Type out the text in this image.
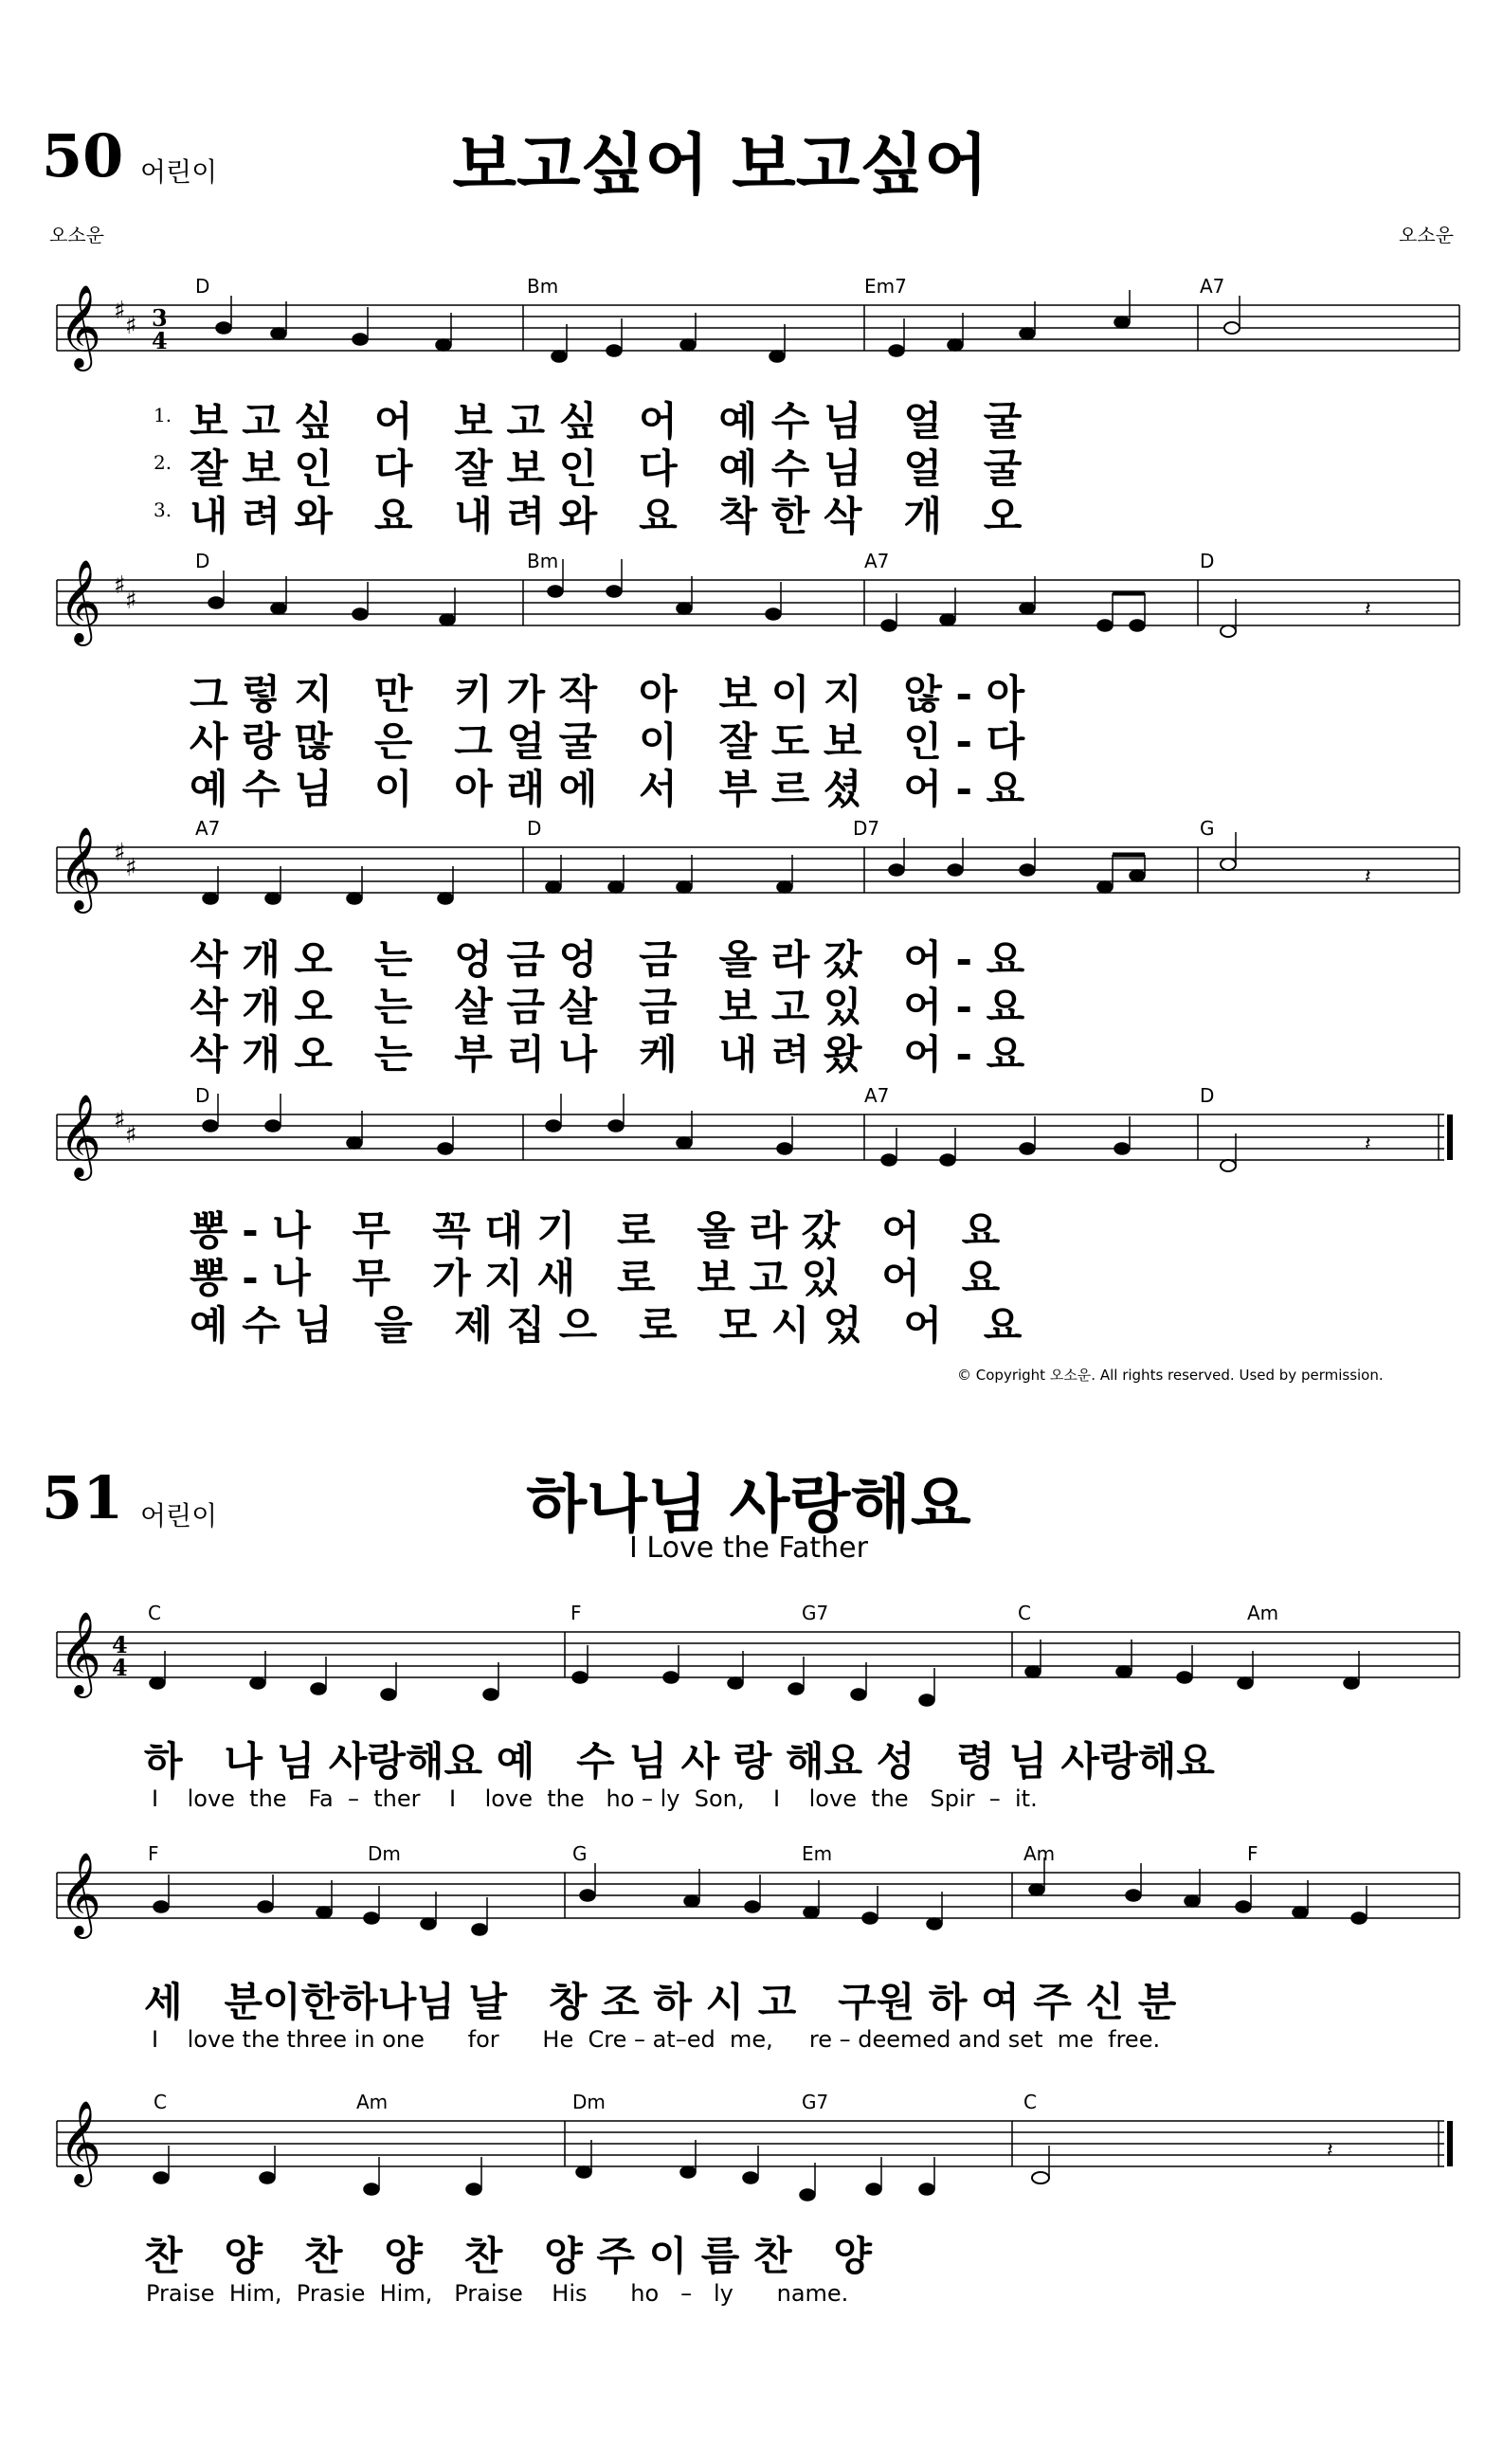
50 어린이	보고싶어 보고싶어
오소운	오소운
𝄞 ♯
♯ 3
4
D	Bm	Em7	A7
1.
2.
3.
보 고 싶   어   보 고 싶   어   예 수 님   얼   굴
잘 보 인   다   잘 보 인   다   예 수 님   얼   굴
내 려 와   요   내 려 와   요   착 한 삭   개   오
𝄞 ♯
♯	𝄽
D	Bm	A7	D
그 렇 지   만   키 가 작   아   보 이 지   않 - 아
사 랑 많   은   그 얼 굴   이   잘 도 보   인 - 다
예 수 님   이   아 래 에   서   부 르 셨   어 - 요
𝄞 ♯
♯	𝄽
A7	D	D7	G
삭 개 오   는   엉 금 엉   금   올 라 갔   어 - 요
삭 개 오   는   살 금 살   금   보 고 있   어 - 요
삭 개 오   는   부 리 나   케   내 려 왔   어 - 요
𝄞 ♯
♯	𝄽
D	A7	D
뽕 - 나   무   꼭 대 기   로   올 라 갔   어   요
뽕 - 나   무   가 지 새   로   보 고 있   어   요
예 수 님   을   제 집 으   로   모 시 었   어   요
© Copyright 오소운. All rights reserved. Used by permission.
51 어린이	하나님 사랑해요
I Love the Father
𝄞 4
4
C	F	G7	C	Am
하   나 님 사랑해요 예   수 님 사 랑 해요 성   령 님 사랑해요
I    love  the   Fa  –  ther    I    love  the   ho – ly  Son,    I    love  the   Spir  –  it.
𝄞 F	Dm	G	Em	Am	F
세   분이한하나님 날   창 조 하 시 고   구원 하 여 주 신 분
I    love the three in one      for      He  Cre – at–ed  me,     re – deemed and set  me  free.
𝄞	𝄽
C	Am	Dm	G7	C
찬   양   찬   양   찬   양 주 이 름 찬   양
Praise  Him,  Prasie  Him,   Praise    His      ho   –   ly      name.
